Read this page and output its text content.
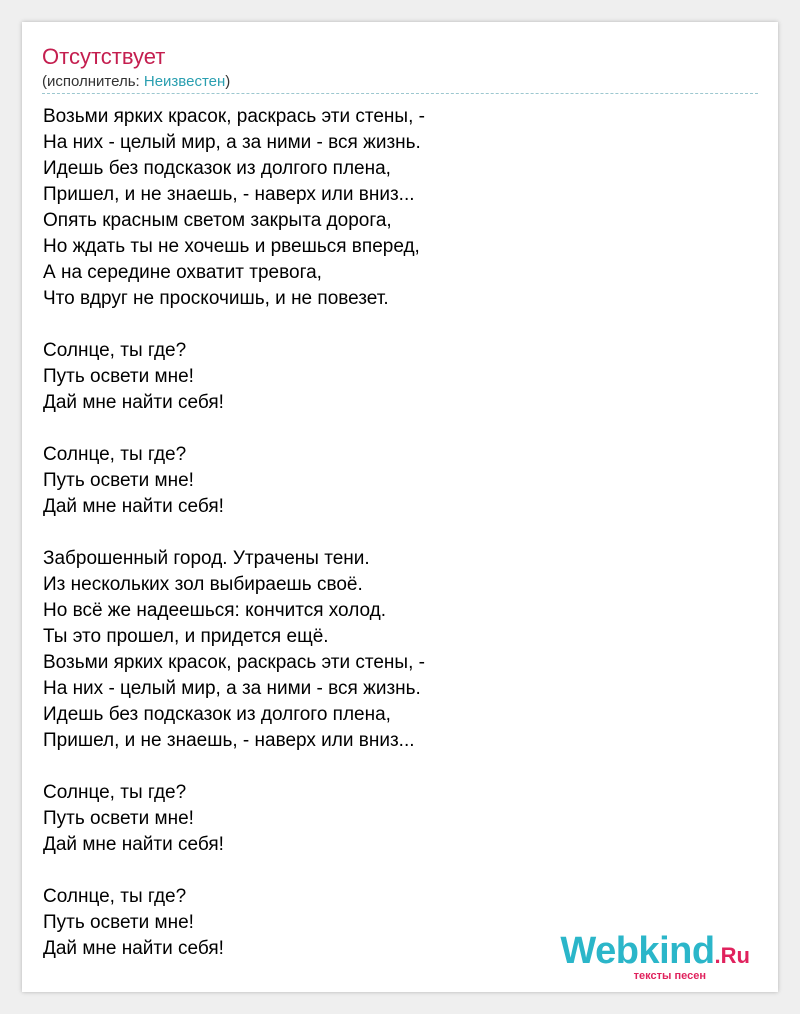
Отсутствует
(исполнитель: Неизвестен)
Возьми ярких красок, раскрась эти стены, -
На них - целый мир, а за ними - вся жизнь.
Идешь без подсказок из долгого плена,
Пришел, и не знаешь, - наверх или вниз...
Опять красным светом закрыта дорога,
Но ждать ты не хочешь и рвешься вперед,
А на середине охватит тревога,
Что вдруг не проскочишь, и не повезет.
Солнце, ты где?
Путь освети мне!
Дай мне найти себя!
Солнце, ты где?
Путь освети мне!
Дай мне найти себя!
Заброшенный город. Утрачены тени.
Из нескольких зол выбираешь своё.
Но всё же надеешься: кончится холод.
Ты это прошел, и придется ещё.
Возьми ярких красок, раскрась эти стены, -
На них - целый мир, а за ними - вся жизнь.
Идешь без подсказок из долгого плена,
Пришел, и не знаешь, - наверх или вниз...
Солнце, ты где?
Путь освети мне!
Дай мне найти себя!
Солнце, ты где?
Путь освети мне!
Дай мне найти себя!	Webkind.Ru
тексты песен
